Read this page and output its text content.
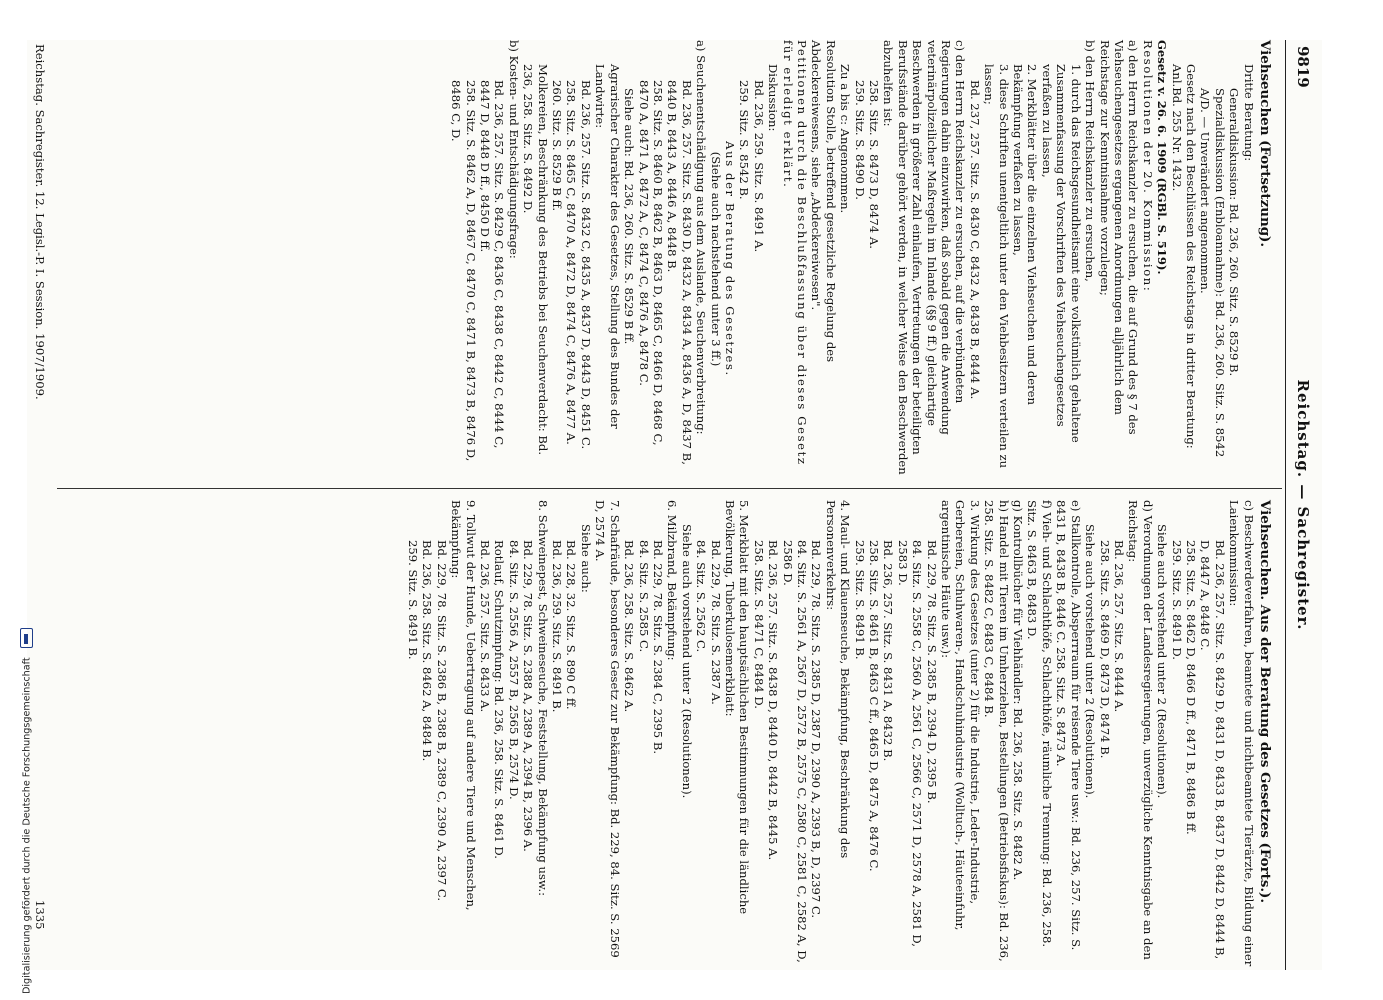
9819
Reichstag. — Sachregister.

Viehseuchen (Fortsetzung).

Dritte Beratung:

Generaldiskussion: Bd. 236, 260. Sitz. S. 8529 B.

Spezialdiskussion (Enbloannahme): Bd. 236, 260. Sitz. S. 8542 A/D. — Unverändert angenommen.

Gesetz nach den Beschlüssen des Reichstags in dritter Beratung: Anl.Bd. 255 Nr. 1432.

Gesetz v. 26. 6. 1909 (RGBl. S. 519).

Resolutionen der 20. Kommission:

a) den Herrn Reichskanzler zu ersuchen, die auf Grund des § 7 des Viehseuchengesetzes ergangenen Anordnungen alljährlich dem Reichstage zur Kenntnisnahme vorzulegen;

b) den Herrn Reichskanzler zu ersuchen,

1. durch das Reichsgesundheitsamt eine volkstümlich gehaltene Zusammenfassung der Vorschriften des Viehseuchengesetzes verfaßen zu lassen,

2. Merkblätter über die einzelnen Viehseuchen und deren Bekämpfung verfaßen zu lassen,

3. diese Schriften unentgeltlich unter den Viehbesitzern verteilen zu lassen;

Bd. 237, 257. Sitz. S. 8430 C, 8432 A, 8438 B, 8444 A.

c) den Herrn Reichskanzler zu ersuchen, auf die verbündeten Regierungen dahin einzuwirken, daß sobald gegen die Anwendung veterinärpolizeilicher Maßregeln im Inlande (§§ 9 ff.) gleichartige Beschwerden in größerer Zahl einlaufen, Vertretungen der beteiligten Berufsstände darüber gehört werden, in welcher Weise den Beschwerden abzuhelfen ist:

258. Sitz. S. 8473 D, 8474 A.

259. Sitz. S. 8490 D.

Zu a bis c: Angenommen.

Resolution Stolle, betreffend gesetzliche Regelung des Abdeckereiwesens, siehe „Abdeckereiwesen".

Petitionen durch die Beschlußfassung über dieses Gesetz für erledigt erklärt.

Diskussion:

Bd. 236, 259. Sitz. S. 8491 A.

259. Sitz. S. 8542 B.

Aus der Beratung des Gesetzes.

(Siehe auch nachstehend unter 3 ff.)

a) Seuchenentschädigung aus dem Auslande, Seuchenverbreitung:

Bd. 236, 257. Sitz. S. 8430 D, 8432 A, 8434 A, 8436 A, D, 8437 B, 8440 B, 8443 A, 8446 A, 8448 B.

258. Sitz. S. 8460 B, 8462 B, 8463 D, 8465 C, 8466 D, 8468 C, 8470 A, 8471 A, 8472 A, C, 8474 C, 8476 A, 8478 C.

Siehe auch: Bd. 236, 260. Sitz. S. 8529 B ff.

Agrarischer Charakter des Gesetzes, Stellung des Bundes der Landwirte:

Bd. 236, 257. Sitz. S. 8432 C, 8435 A, 8437 D, 8443 D, 8451 C.

258. Sitz. S. 8465 C, 8470 A, 8472 D, 8474 C, 8476 A, 8477 A.

260. Sitz. S. 8529 B ff.

Molkereien, Beschränkung des Betriebs bei Seuchenverdacht: Bd. 236, 258. Sitz. S. 8492 D.

b) Kosten- und Entschädigungsfrage:

Bd. 236, 257. Sitz. S. 8429 C, 8436 C, 8438 C, 8442 C, 8444 C, 8447 D, 8448 D ff., 8450 D ff.

258. Sitz. S. 8462 A, D, 8467 C, 8470 C, 8471 B, 8473 B, 8476 D, 8486 C, D.

Viehseuchen. Aus der Beratung des Gesetzes (Forts.).

c) Beschwerdeverfahren, beamtete und nichtbeamtete Tierärzte, Bildung einer Laienkommission:

Bd. 236, 257. Sitz. S. 8429 D, 8431 D, 8433 B, 8437 D, 8442 D, 8444 B, D, 8447 A, 8448 C.

258. Sitz. S. 8462 D, 8466 D ff., 8471 B, 8486 B ff.

259. Sitz. S. 8491 D.

Siehe auch vorstehend unter 2 (Resolutionen).

d) Verordnungen der Landesregierungen, unverzügliche Kenntnisgabe an den Reichstag:

Bd. 236, 257. Sitz. S. 8444 A.

258. Sitz. S. 8469 D, 8473 D, 8474 B.

Siehe auch vorstehend unter 2 (Resolutionen).

e) Stallkontrolle, Absperrraum für reisende Tiere usw.: Bd. 236, 257. Sitz. S. 8431 B, 8438 B, 8446 C. 258. Sitz. S. 8473 A.

f) Vieh- und Schlachthöfe, Schlachthöfe, räumliche Trennung: Bd. 236, 258. Sitz. S. 8463 B, 8483 D.

g) Kontrollbücher für Viehhändler: Bd. 236, 258. Sitz. S. 8482 A.

h) Handel mit Tieren im Umherziehen, Bestellungen (Betriebsfiskus): Bd. 236, 258. Sitz. S. 8482 C, 8483 C, 8484 B.

3. Wirkung des Gesetzes (unter 2) für die Industrie, Leder-Industrie, Gerbereien, Schuhwaren-, Handschuhindustrie (Wolltuch-, Häuteeinfuhr, argentinische Häute usw.):

Bd. 229, 78. Sitz. S. 2385 B, 2394 D, 2395 B.

84. Sitz. S. 2558 C, 2560 A, 2561 C, 2566 C, 2571 D, 2578 A, 2581 D, 2583 D.

Bd. 236, 257. Sitz. S. 8431 A, 8432 B.

258. Sitz. S. 8461 B, 8463 C ff., 8465 D, 8475 A, 8476 C.

259. Sitz. S. 8491 B.

4. Maul- und Klauenseuche, Bekämpfung, Beschränkung des Personenverkehrs:

Bd. 229, 78. Sitz. S. 2385 D, 2387 D, 2390 A, 2393 B, D, 2397 C.

84. Sitz. S. 2561 A, 2567 D, 2572 B, 2575 C, 2580 C, 2581 C, 2582 A, D, 2586 D.

Bd. 236, 257. Sitz. S. 8438 D, 8440 D, 8442 B, 8445 A.

258. Sitz. S. 8471 C, 8484 D.

5. Merkblatt mit den hauptsächlichen Bestimmungen für die ländliche Bevölkerung, Tuberkulosemerkblatt:

Bd. 229, 78. Sitz. S. 2387 A.

84. Sitz. S. 2562 C.

Siehe auch vorstehend unter 2 (Resolutionen).

6. Milzbrand, Bekämpfung:

Bd. 229, 78. Sitz. S. 2384 C, 2395 B.

84. Sitz. S. 2585 C.

Bd. 236, 258. Sitz. S. 8462 A.

7. Schafräude, besonderes Gesetz zur Bekämpfung: Bd. 229, 84. Sitz. S. 2569 D, 2574 A.

Siehe auch:

Bd. 228, 32. Sitz. S. 890 C ff.

Bd. 236, 259. Sitz. S. 8491 B.

8. Schweinepest, Schweineseuche, Feststellung, Bekämpfung usw.:

Bd. 229, 78. Sitz. S. 2388 A, 2389 A, 2394 B, 2396 A.

84. Sitz. S. 2556 A, 2557 B, 2565 B, 2574 D.

Rotlauf, Schutzimpfung: Bd. 236, 258. Sitz. S. 8461 D.

Bd. 236, 257. Sitz. S. 8433 A.

9. Tollwut der Hunde, Uebertragung auf andere Tiere und Menschen, Bekämpfung:

Bd. 229, 78. Sitz. S. 2386 B, 2388 B, 2389 C, 2390 A, 2397 C.

Bd. 236, 258. Sitz. S. 8462 A, 8484 B.

259. Sitz. S. 8491 B.

Reichstag. Sachregister. 12. Legisl.-P. I. Session. 1907/1909.
1335
Digitalisierung gefördert durch die Deutsche Forschungsgemeinschaft
